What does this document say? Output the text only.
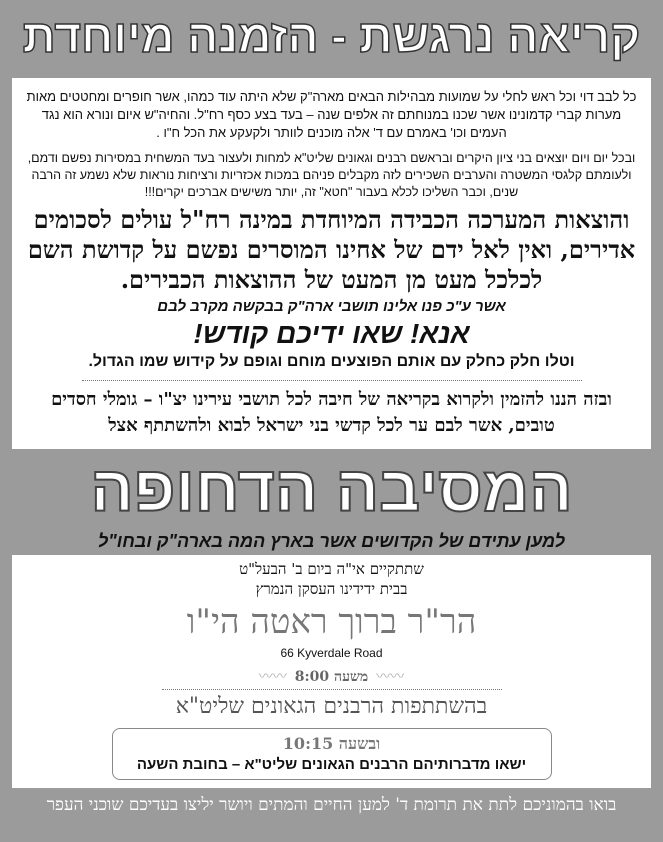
קריאה נרגשת - הזמנה מיוחדת

כל לבב דוי וכל ראש לחלי על שמועות מבהילות הבאים מארה"ק שלא היתה עוד כמהו, אשר חופרים ומחטטים מאות מערות קברי קדמונינו אשר שכנו במנוחתם זה אלפים שנה – בעד בצע כסף רח"ל. והחיה"ש איום ונורא הוא נגד העמים וכו' באמרם עם ד' אלה מוכנים לוותר ולקעקע את הכל ח"ו .

ובכל יום ויום יוצאים בני ציון היקרים ובראשם רבנים וגאונים שליט"א למחות ולעצור בעד המשחית במסירות נפשם ודמם, ולעומתם קלגסי המשטרה והערבים השכירים לזה מקבלים פניהם במכות אכזריות ורציחות נוראות שלא נשמע זה הרבה שנים, וכבר השליכו לכלא בעבור "חטא" זה, יותר משישים אברכים יקרים!!!

והוצאות המערכה הכבידה המיוחדת במינה רח"ל עולים לסכומים אדירים, ואין לאל ידם של אחינו המוסרים נפשם על קדושת השם לכלכל מעט מן המעט של ההוצאות הכבירים.

אשר ע"כ פנו אלינו תושבי ארה"ק בבקשה מקרב לבם

אנא! שאו ידיכם קודש!

וטלו חלק כחלק עם אותם הפוצעים מוחם וגופם על קידוש שמו הגדול.

ובזה הננו להזמין ולקרוא בקריאה של חיבה לכל תושבי עירינו יצ"ו – גומלי חסדים טובים, אשר לבם ער לכל קדשי בני ישראל לבוא ולהשתתף אצל

המסיבה הדחופה
למען עתידם של הקדושים אשר בארץ המה בארה"ק ובחו"ל

שתתקיים אי"ה ביום ב' הבעל"ט

בבית ידידינו העסקן הנמרץ

הר"ר ברוך ראטה הי"ו

66 Kyverdale Road

〰〰משעה 8:00〰〰

בהשתתפות הרבנים הגאונים שליט"א

ובשעה 10:15

ישאו מדברותיהם הרבנים הגאונים שליט"א – בחובת השעה

בואו בהמוניכם לתת את תרומת ד' למען החיים והמתים ויושר יליצו בעדיכם שוכני העפר
